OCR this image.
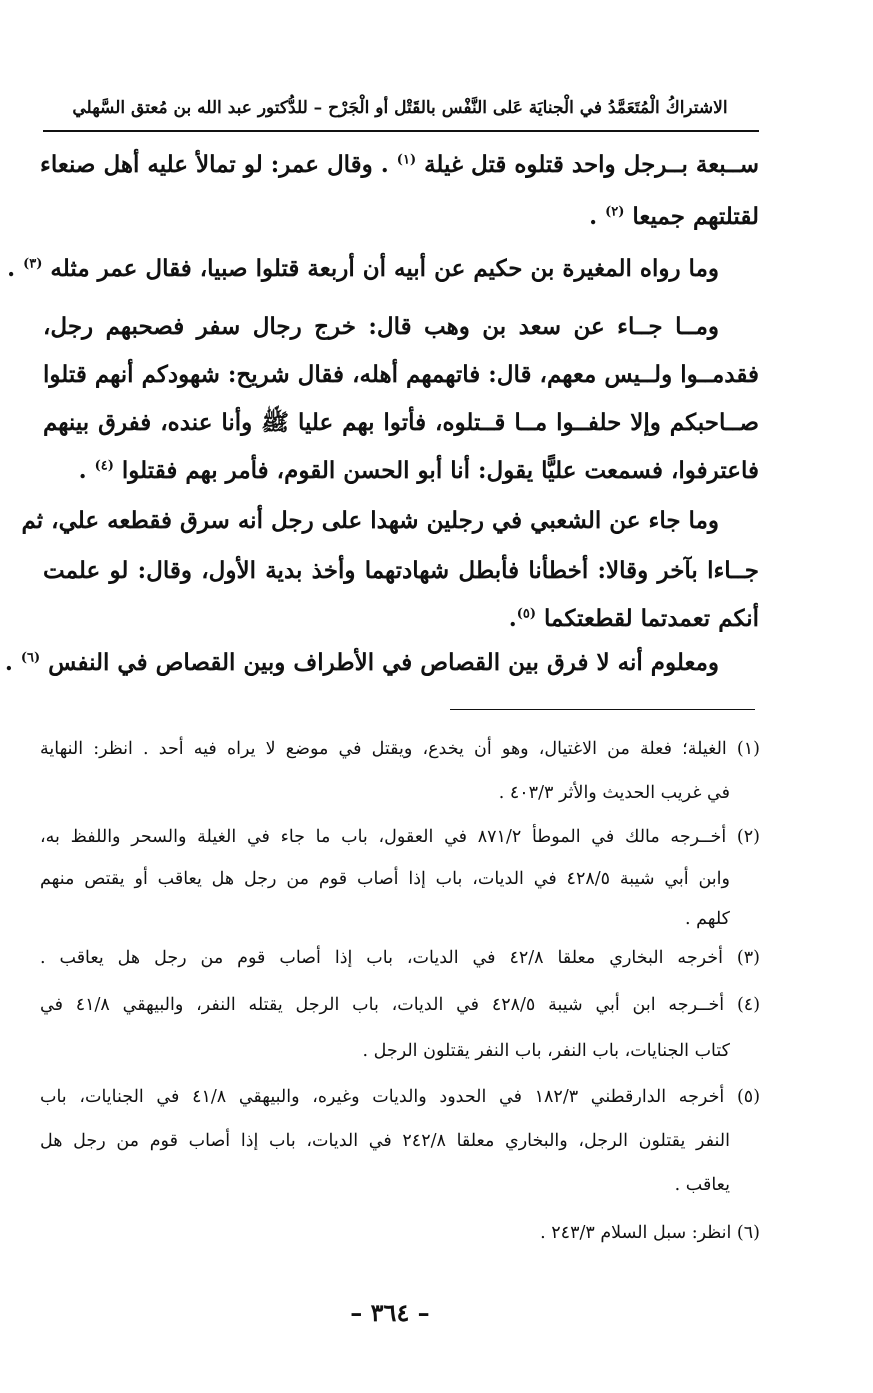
الاشتراكُ الْمُتَعَمَّدُ في الْجنايَة عَلى النَّفْس بالقَتْل أو الْجَرْح – للدُّكتور عبد الله بن مُعتق السَّهلي
ســبعة بــرجل واحد قتلوه قتل غيلة $^{(١)}$ . وقال عمر: لو تمالأ عليه أهل صنعاء
لقتلتهم جميعا $^{(٢)}$ .
وما رواه المغيرة بن حكيم عن أبيه أن أربعة قتلوا صبيا، فقال عمر مثله $^{(٣)}$ .
ومــا جــاء عن سعد بن وهب قال: خرج رجال سفر فصحبهم رجل،
فقدمــوا ولــيس معهم، قال: فاتهمهم أهله، فقال شريح: شهودكم أنهم قتلوا
صــاحبكم وإلا حلفــوا مــا قــتلوه، فأتوا بهم عليا ﷺ وأنا عنده، ففرق بينهم
فاعترفوا، فسمعت عليًّا يقول: أنا أبو الحسن القوم، فأمر بهم فقتلوا $^{(٤)}$ .
وما جاء عن الشعبي في رجلين شهدا على رجل أنه سرق فقطعه علي، ثم
جــاءا بآخر وقالا: أخطأنا فأبطل شهادتهما وأخذ بدية الأول، وقال: لو علمت
أنكم تعمدتما لقطعتكما $^{(٥)}$.
ومعلوم أنه لا فرق بين القصاص في الأطراف وبين القصاص في النفس $^{(٦)}$ .
(١) الغيلة؛ فعلة من الاغتيال، وهو أن يخدع، ويقتل في موضع لا يراه فيه أحد . انظر: النهاية
في غريب الحديث والأثر ٤٠٣/٣ .
(٢) أخــرجه مالك في الموطأ ٨٧١/٢ في العقول، باب ما جاء في الغيلة والسحر واللفظ به،
وابن أبي شيبة ٤٢٨/٥ في الديات، باب إذا أصاب قوم من رجل هل يعاقب أو يقتص منهم
كلهم .
(٣) أخرجه البخاري معلقا ٤٢/٨ في الديات، باب إذا أصاب قوم من رجل هل يعاقب .
(٤) أخــرجه ابن أبي شيبة ٤٢٨/٥ في الديات، باب الرجل يقتله النفر، والبيهقي ٤١/٨ في
كتاب الجنايات، باب النفر، باب النفر يقتلون الرجل .
(٥) أخرجه الدارقطني ١٨٢/٣ في الحدود والديات وغيره، والبيهقي ٤١/٨ في الجنايات، باب
النفر يقتلون الرجل، والبخاري معلقا ٢٤٢/٨ في الديات، باب إذا أصاب قوم من رجل هل
يعاقب .
(٦) انظر: سبل السلام ٢٤٣/٣ .
– ٣٦٤ –
